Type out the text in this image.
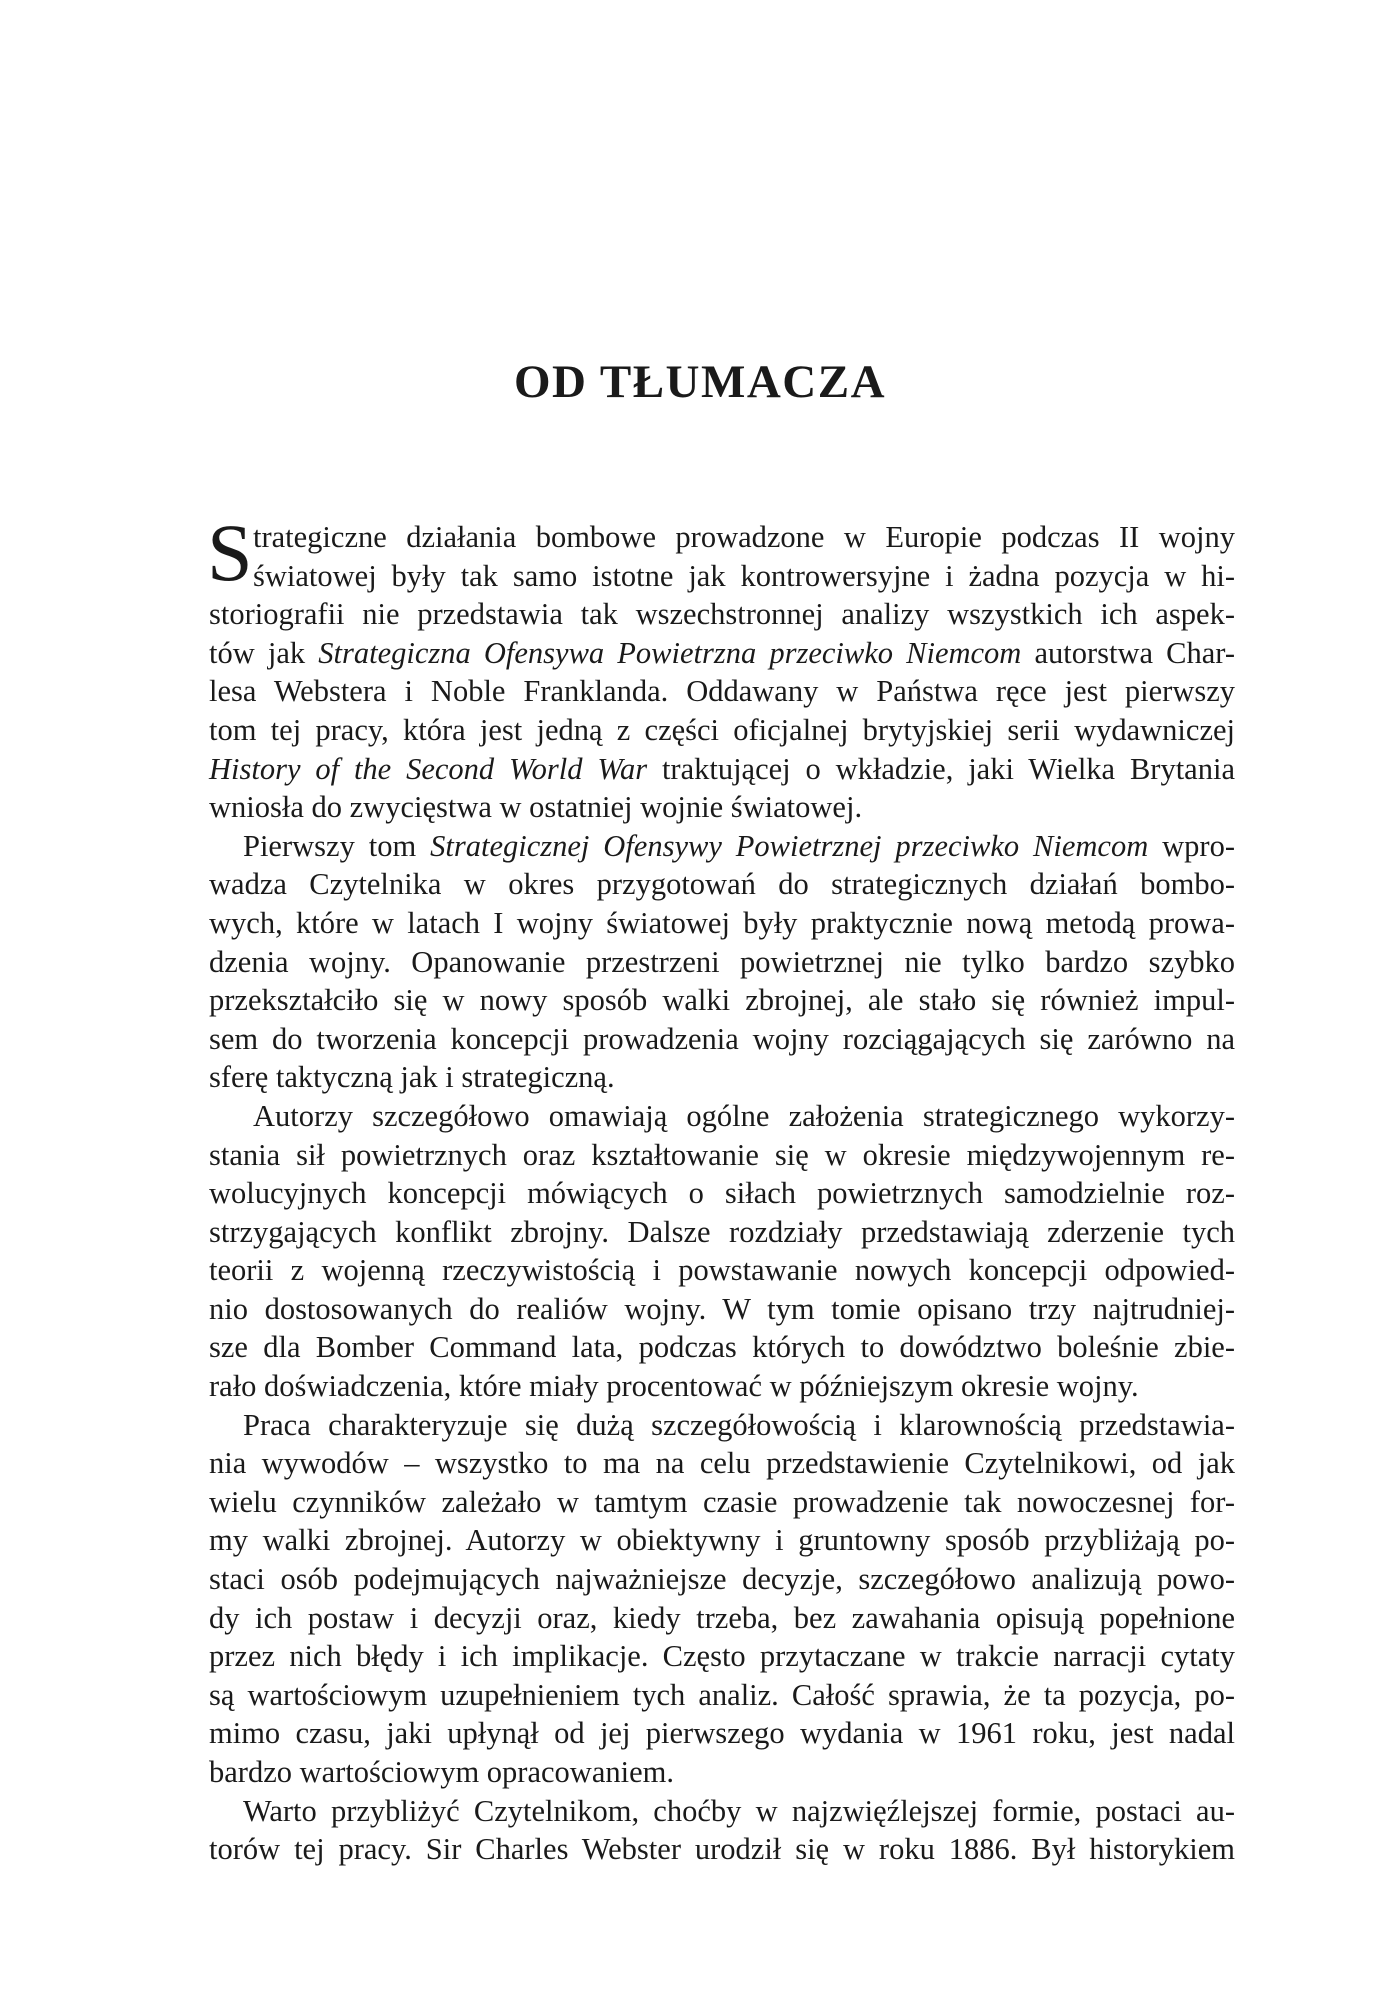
OD TŁUMACZA
S trategiczne działania bombowe prowadzone w Europie podczas II wojny
światowej były tak samo istotne jak kontrowersyjne i żadna pozycja w hi-
storiografii nie przedstawia tak wszechstronnej analizy wszystkich ich aspek-
tów jak Strategiczna Ofensywa Powietrzna przeciwko Niemcom autorstwa Char-
lesa Webstera i Noble Franklanda. Oddawany w Państwa ręce jest pierwszy
tom tej pracy, która jest jedną z części oficjalnej brytyjskiej serii wydawniczej
History of the Second World War traktującej o wkładzie, jaki Wielka Brytania
wniosła do zwycięstwa w ostatniej wojnie światowej.
Pierwszy tom Strategicznej Ofensywy Powietrznej przeciwko Niemcom wpro-
wadza Czytelnika w okres przygotowań do strategicznych działań bombo-
wych, które w latach I wojny światowej były praktycznie nową metodą prowa-
dzenia wojny. Opanowanie przestrzeni powietrznej nie tylko bardzo szybko
przekształciło się w nowy sposób walki zbrojnej, ale stało się również impul-
sem do tworzenia koncepcji prowadzenia wojny rozciągających się zarówno na
sferę taktyczną jak i strategiczną.
Autorzy szczegółowo omawiają ogólne założenia strategicznego wykorzy-
stania sił powietrznych oraz kształtowanie się w okresie międzywojennym re-
wolucyjnych koncepcji mówiących o siłach powietrznych samodzielnie roz-
strzygających konflikt zbrojny. Dalsze rozdziały przedstawiają zderzenie tych
teorii z wojenną rzeczywistością i powstawanie nowych koncepcji odpowied-
nio dostosowanych do realiów wojny. W tym tomie opisano trzy najtrudniej-
sze dla Bomber Command lata, podczas których to dowództwo boleśnie zbie-
rało doświadczenia, które miały procentować w późniejszym okresie wojny.
Praca charakteryzuje się dużą szczegółowością i klarownością przedstawia-
nia wywodów – wszystko to ma na celu przedstawienie Czytelnikowi, od jak
wielu czynników zależało w tamtym czasie prowadzenie tak nowoczesnej for-
my walki zbrojnej. Autorzy w obiektywny i gruntowny sposób przybliżają po-
staci osób podejmujących najważniejsze decyzje, szczegółowo analizują powo-
dy ich postaw i decyzji oraz, kiedy trzeba, bez zawahania opisują popełnione
przez nich błędy i ich implikacje. Często przytaczane w trakcie narracji cytaty
są wartościowym uzupełnieniem tych analiz. Całość sprawia, że ta pozycja, po-
mimo czasu, jaki upłynął od jej pierwszego wydania w 1961 roku, jest nadal
bardzo wartościowym opracowaniem.
Warto przybliżyć Czytelnikom, choćby w najzwięźlejszej formie, postaci au-
torów tej pracy. Sir Charles Webster urodził się w roku 1886. Był historykiem
